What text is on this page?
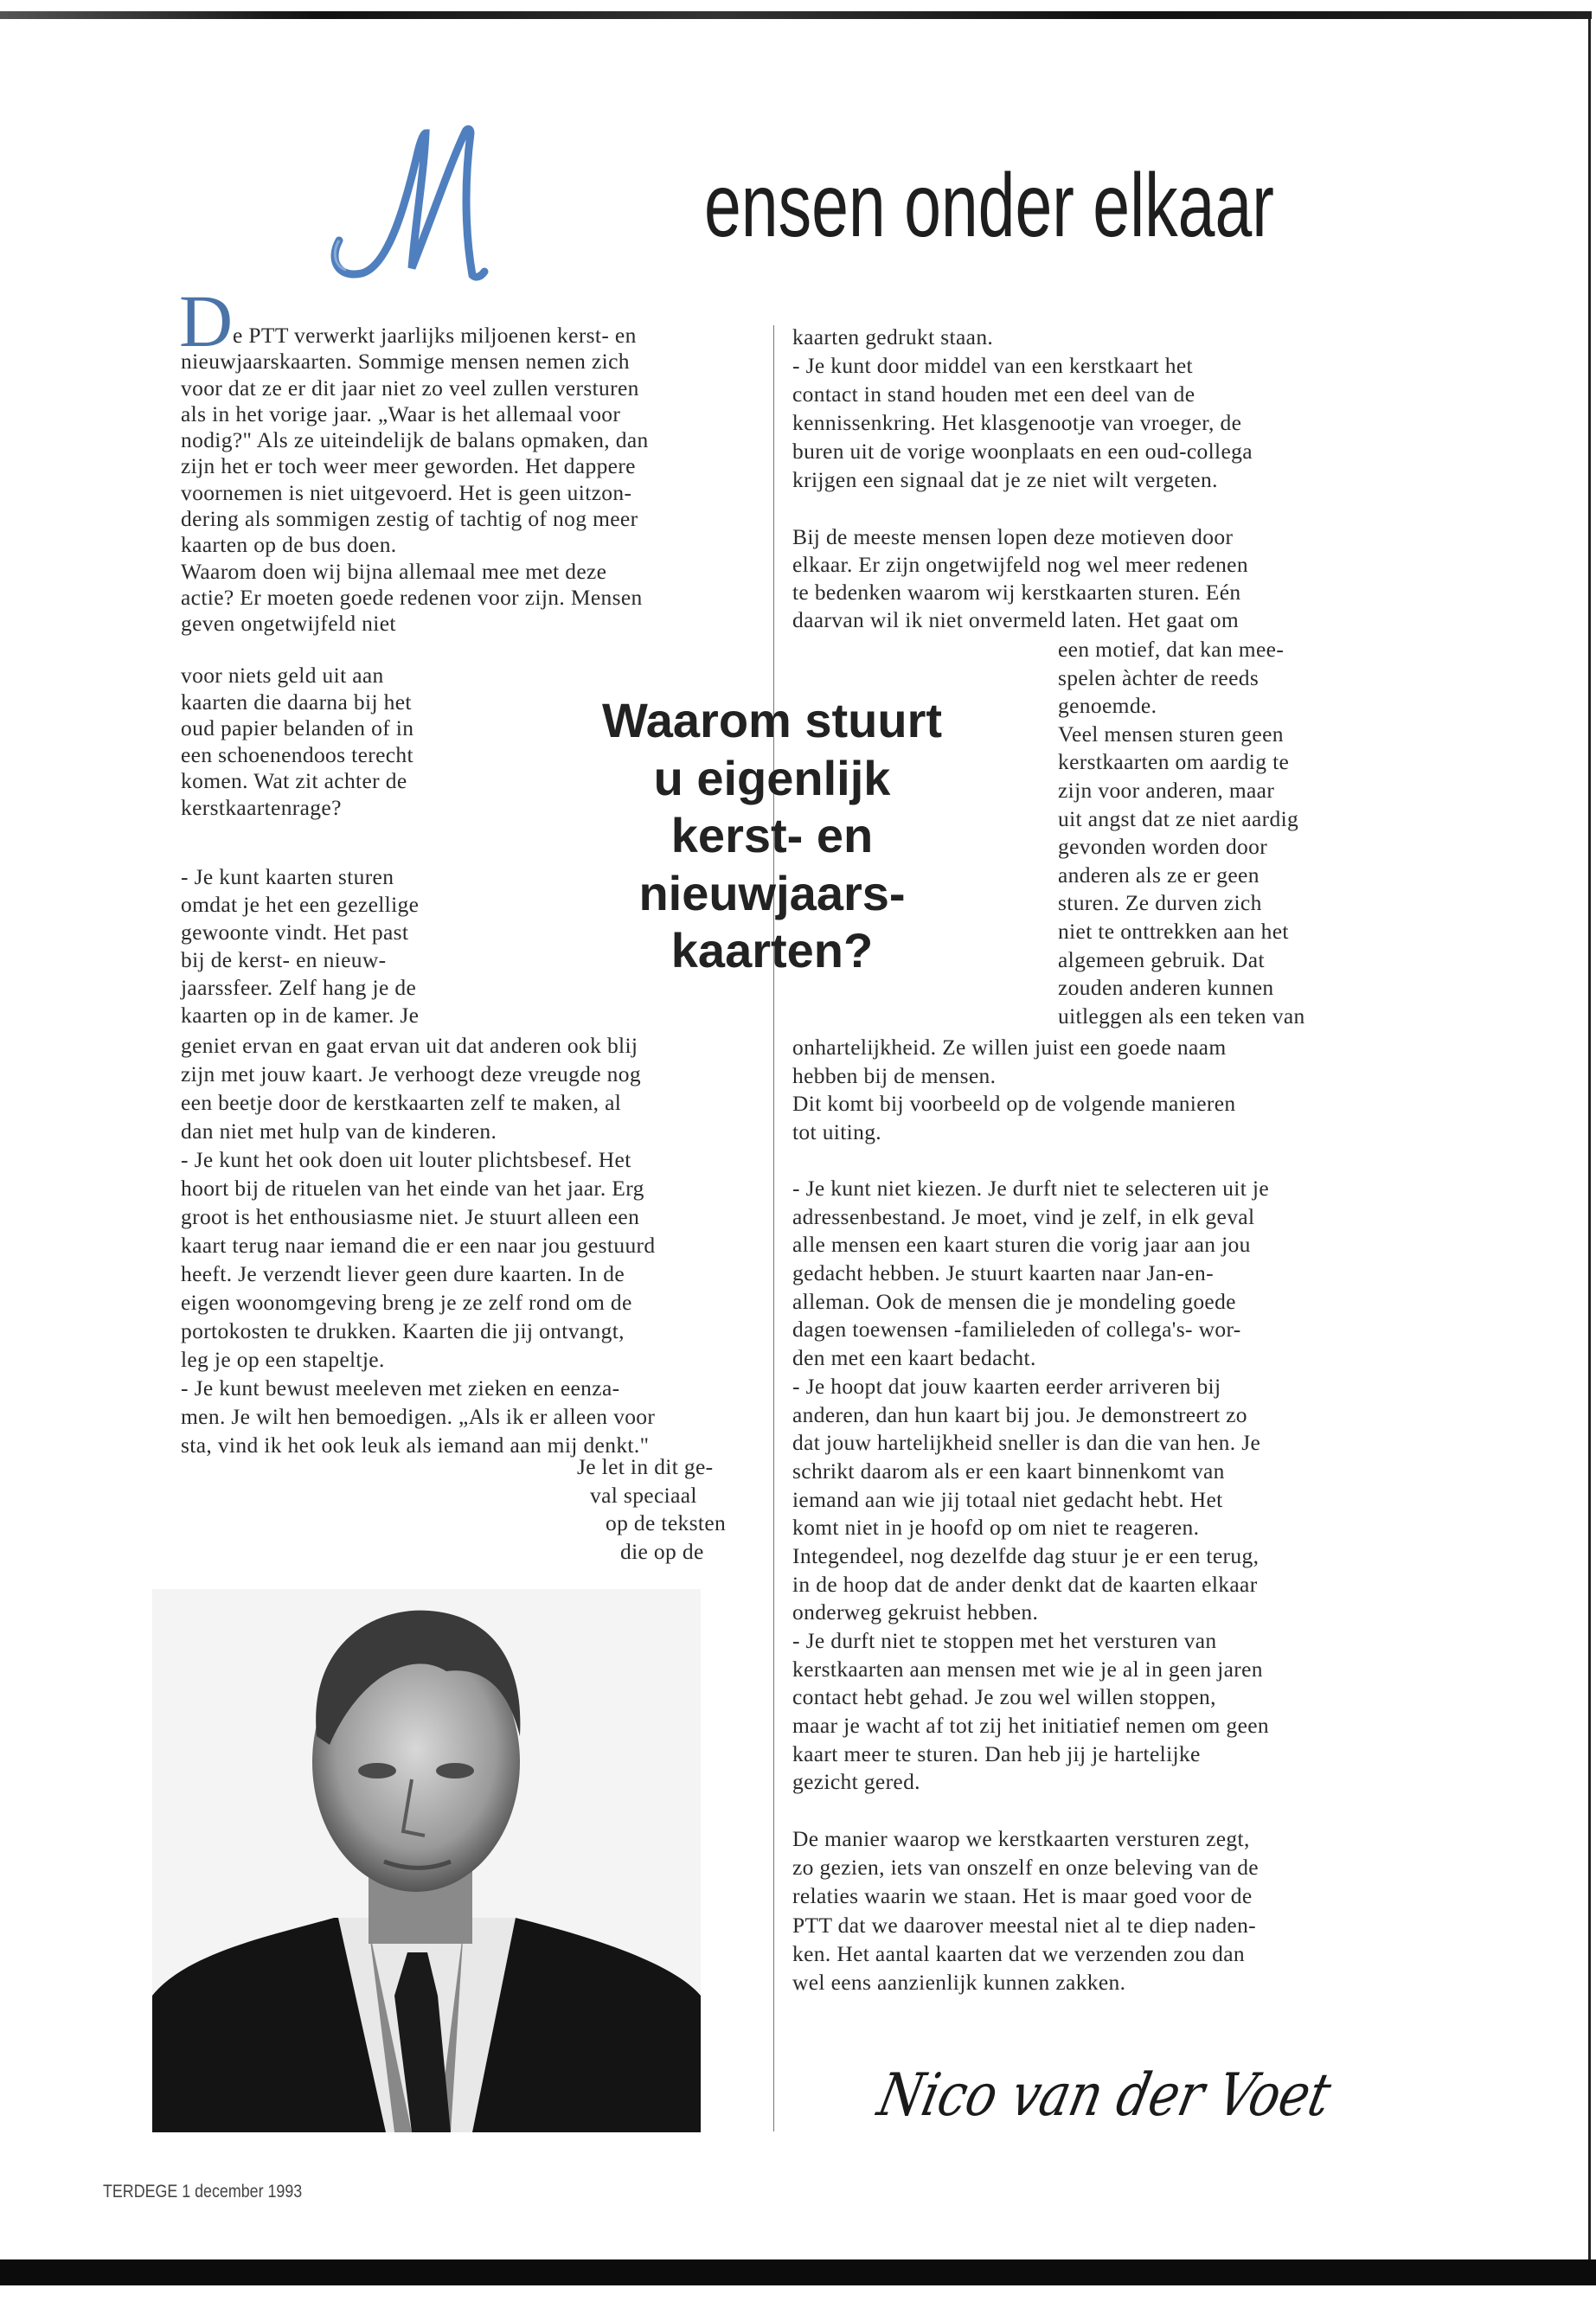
ensen onder elkaar
D e PTT verwerkt jaarlijks miljoenen kerst- en
nieuwjaarskaarten. Sommige mensen nemen zich
voor dat ze er dit jaar niet zo veel zullen versturen
als in het vorige jaar. „Waar is het allemaal voor
nodig?" Als ze uiteindelijk de balans opmaken, dan
zijn het er toch weer meer geworden. Het dappere
voornemen is niet uitgevoerd. Het is geen uitzon-
dering als sommigen zestig of tachtig of nog meer
kaarten op de bus doen.
Waarom doen wij bijna allemaal mee met deze
actie? Er moeten goede redenen voor zijn. Mensen
geven ongetwijfeld niet
voor niets geld uit aan
kaarten die daarna bij het
oud papier belanden of in
een schoenendoos terecht
komen. Wat zit achter de
kerstkaartenrage?
- Je kunt kaarten sturen
omdat je het een gezellige
gewoonte vindt. Het past
bij de kerst- en nieuw-
jaarssfeer. Zelf hang je de
kaarten op in de kamer. Je
geniet ervan en gaat ervan uit dat anderen ook blij
zijn met jouw kaart. Je verhoogt deze vreugde nog
een beetje door de kerstkaarten zelf te maken, al
dan niet met hulp van de kinderen.
- Je kunt het ook doen uit louter plichtsbesef. Het
hoort bij de rituelen van het einde van het jaar. Erg
groot is het enthousiasme niet. Je stuurt alleen een
kaart terug naar iemand die er een naar jou gestuurd
heeft. Je verzendt liever geen dure kaarten. In de
eigen woonomgeving breng je ze zelf rond om de
portokosten te drukken. Kaarten die jij ontvangt,
leg je op een stapeltje.
- Je kunt bewust meeleven met zieken en eenza-
men. Je wilt hen bemoedigen. „Als ik er alleen voor
sta, vind ik het ook leuk als iemand aan mij denkt."
Je let in dit ge-
val speciaal
op de teksten
die op de
Waarom stuurt
u eigenlijk
kerst- en
nieuwjaars-
kaarten?
kaarten gedrukt staan.
- Je kunt door middel van een kerstkaart het
contact in stand houden met een deel van de
kennissenkring. Het klasgenootje van vroeger, de
buren uit de vorige woonplaats en een oud-collega
krijgen een signaal dat je ze niet wilt vergeten.
Bij de meeste mensen lopen deze motieven door
elkaar. Er zijn ongetwijfeld nog wel meer redenen
te bedenken waarom wij kerstkaarten sturen. Eén
daarvan wil ik niet onvermeld laten. Het gaat om
een motief, dat kan mee-
spelen àchter de reeds
genoemde.
Veel mensen sturen geen
kerstkaarten om aardig te
zijn voor anderen, maar
uit angst dat ze niet aardig
gevonden worden door
anderen als ze er geen
sturen. Ze durven zich
niet te onttrekken aan het
algemeen gebruik. Dat
zouden anderen kunnen
uitleggen als een teken van
onhartelijkheid. Ze willen juist een goede naam
hebben bij de mensen.
Dit komt bij voorbeeld op de volgende manieren
tot uiting.
- Je kunt niet kiezen. Je durft niet te selecteren uit je
adressenbestand. Je moet, vind je zelf, in elk geval
alle mensen een kaart sturen die vorig jaar aan jou
gedacht hebben. Je stuurt kaarten naar Jan-en-
alleman. Ook de mensen die je mondeling goede
dagen toewensen -familieleden of collega's- wor-
den met een kaart bedacht.
- Je hoopt dat jouw kaarten eerder arriveren bij
anderen, dan hun kaart bij jou. Je demonstreert zo
dat jouw hartelijkheid sneller is dan die van hen. Je
schrikt daarom als er een kaart binnenkomt van
iemand aan wie jij totaal niet gedacht hebt. Het
komt niet in je hoofd op om niet te reageren.
Integendeel, nog dezelfde dag stuur je er een terug,
in de hoop dat de ander denkt dat de kaarten elkaar
onderweg gekruist hebben.
- Je durft niet te stoppen met het versturen van
kerstkaarten aan mensen met wie je al in geen jaren
contact hebt gehad. Je zou wel willen stoppen,
maar je wacht af tot zij het initiatief nemen om geen
kaart meer te sturen. Dan heb jij je hartelijke
gezicht gered.
De manier waarop we kerstkaarten versturen zegt,
zo gezien, iets van onszelf en onze beleving van de
relaties waarin we staan. Het is maar goed voor de
PTT dat we daarover meestal niet al te diep naden-
ken. Het aantal kaarten dat we verzenden zou dan
wel eens aanzienlijk kunnen zakken.
Nico van der Voet
TERDEGE 1 december 1993
